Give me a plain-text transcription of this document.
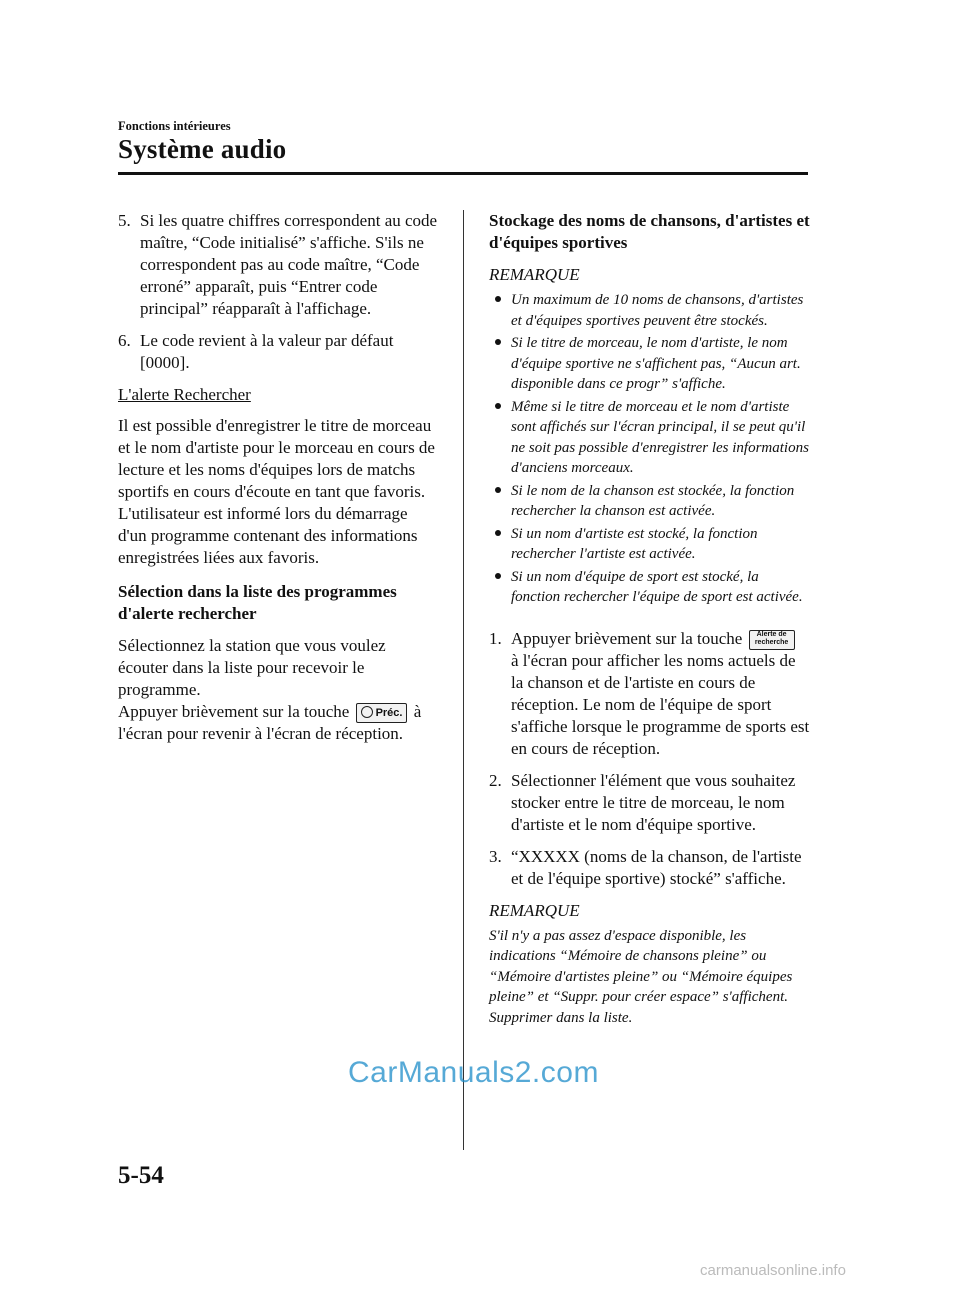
Fonctions intérieures
Système audio
5. Si les quatre chiffres correspondent au code maître, “Code initialisé” s'affiche. S'ils ne correspondent pas au code maître, “Code erroné” apparaît, puis “Entrer code principal” réapparaît à l'affichage.
6. Le code revient à la valeur par défaut [0000].
L'alerte Rechercher

Il est possible d'enregistrer le titre de morceau et le nom d'artiste pour le morceau en cours de lecture et les noms d'équipes lors de matchs sportifs en cours d'écoute en tant que favoris. L'utilisateur est informé lors du démarrage d'un programme contenant des informations enregistrées liées aux favoris.

Sélection dans la liste des programmes d'alerte rechercher
Sélectionnez la station que vous voulez écouter dans la liste pour recevoir le programme.
Appuyer brièvement sur la touche Préc. à l'écran pour revenir à l'écran de réception.
Stockage des noms de chansons, d'artistes et d'équipes sportives
REMARQUE
Un maximum de 10 noms de chansons, d'artistes et d'équipes sportives peuvent être stockés.
Si le titre de morceau, le nom d'artiste, le nom d'équipe sportive ne s'affichent pas, “Aucun art. disponible dans ce progr” s'affiche.
Même si le titre de morceau et le nom d'artiste sont affichés sur l'écran principal, il se peut qu'il ne soit pas possible d'enregistrer les informations d'anciens morceaux.
Si le nom de la chanson est stockée, la fonction rechercher la chanson est activée.
Si un nom d'artiste est stocké, la fonction rechercher l'artiste est activée.
Si un nom d'équipe de sport est stocké, la fonction rechercher l'équipe de sport est activée.
1. Appuyer brièvement sur la touche Alerte de
recherche à l'écran pour afficher les noms actuels de la chanson et de l'artiste en cours de réception. Le nom de l'équipe de sport s'affiche lorsque le programme de sports est en cours de réception.
2. Sélectionner l'élément que vous souhaitez stocker entre le titre de morceau, le nom d'artiste et le nom d'équipe sportive.
3. “XXXXX (noms de la chanson, de l'artiste et de l'équipe sportive) stocké” s'affiche.
REMARQUE
S'il n'y a pas assez d'espace disponible, les indications “Mémoire de chansons pleine” ou “Mémoire d'artistes pleine” ou “Mémoire équipes pleine” et “Suppr. pour créer espace” s'affichent. Supprimer dans la liste.
5-54
CarManuals2.com
carmanualsonline.info
